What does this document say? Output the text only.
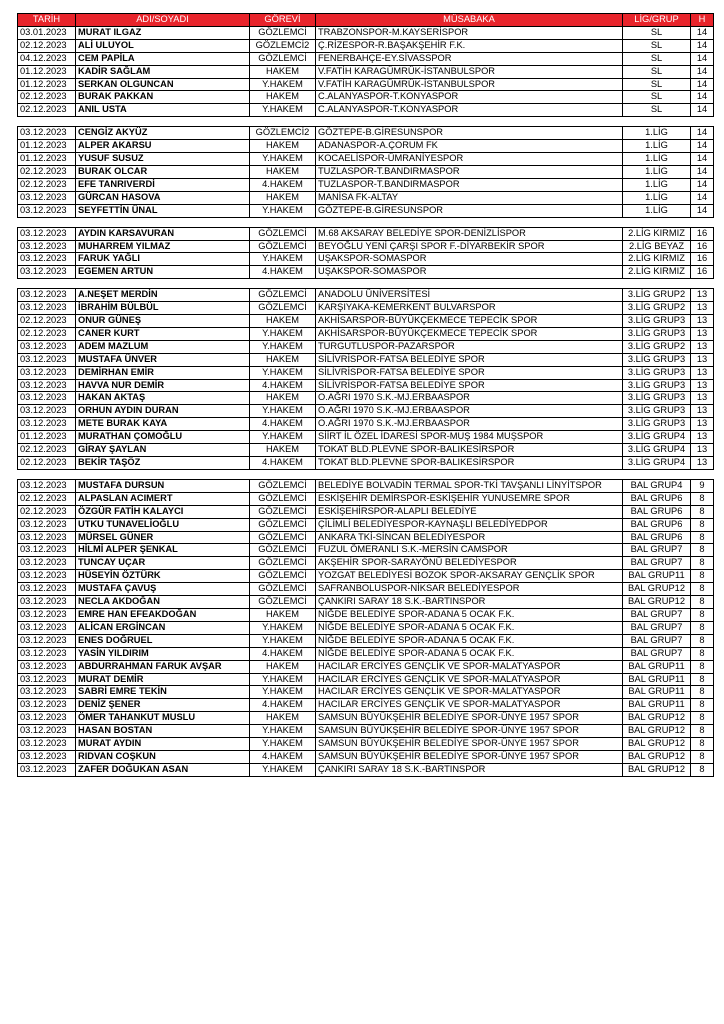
TARİH	ADI/SOYADI	GÖREVİ	MÜSABAKA	LİG/GRUP	H
03.01.2023	MURAT ILGAZ	GÖZLEMCİ	TRABZONSPOR-M.KAYSERİSPOR	SL	14
02.12.2023	ALİ ULUYOL	GÖZLEMCİ2	Ç.RİZESPOR-R.BAŞAKŞEHİR F.K.	SL	14
04.12.2023	CEM PAPİLA	GÖZLEMCİ	FENERBAHÇE-EY.SİVASSPOR	SL	14
01.12.2023	KADİR SAĞLAM	HAKEM	V.FATİH KARAGÜMRÜK-İSTANBULSPOR	SL	14
01.12.2023	SERKAN OLGUNCAN	Y.HAKEM	V.FATİH KARAGÜMRÜK-İSTANBULSPOR	SL	14
02.12.2023	BURAK PAKKAN	HAKEM	C.ALANYASPOR-T.KONYASPOR	SL	14
02.12.2023	ANIL USTA	Y.HAKEM	C.ALANYASPOR-T.KONYASPOR	SL	14

03.12.2023	CENGİZ AKYÜZ	GÖZLEMCİ2	GÖZTEPE-B.GİRESUNSPOR	1.LİG	14
01.12.2023	ALPER AKARSU	HAKEM	ADANASPOR-A.ÇORUM FK	1.LİG	14
01.12.2023	YUSUF SUSUZ	Y.HAKEM	KOCAELİSPOR-ÜMRANİYESPOR	1.LİG	14
02.12.2023	BURAK OLCAR	HAKEM	TUZLASPOR-T.BANDIRMASPOR	1.LİG	14
02.12.2023	EFE TANRIVERDİ	4.HAKEM	TUZLASPOR-T.BANDIRMASPOR	1.LİG	14
03.12.2023	GÜRCAN HASOVA	HAKEM	MANİSA FK-ALTAY	1.LİG	14
03.12.2023	SEYFETTİN ÜNAL	Y.HAKEM	GÖZTEPE-B.GİRESUNSPOR	1.LİG	14

03.12.2023	AYDIN KARSAVURAN	GÖZLEMCİ	M.68 AKSARAY BELEDİYE SPOR-DENİZLİSPOR	2.LİG KIRMIZ	16
03.12.2023	MUHARREM YILMAZ	GÖZLEMCİ	BEYOĞLU YENİ ÇARŞI SPOR F.-DİYARBEKİR SPOR	2.LİG BEYAZ	16
03.12.2023	FARUK YAĞLI	Y.HAKEM	UŞAKSPOR-SOMASPOR	2.LİG KIRMIZ	16
03.12.2023	EGEMEN ARTUN	4.HAKEM	UŞAKSPOR-SOMASPOR	2.LİG KIRMIZ	16

03.12.2023	A.NEŞET MERDİN	GÖZLEMCİ	ANADOLU ÜNİVERSİTESİ	3.LİG GRUP2	13
03.12.2023	İBRAHİM BÜLBÜL	GÖZLEMCİ	KARŞIYAKA-KEMERKENT BULVARSPOR	3.LİG GRUP2	13
02.12.2023	ONUR GÜNEŞ	HAKEM	AKHİSARSPOR-BÜYÜKÇEKMECE TEPECİK SPOR	3.LİG GRUP3	13
02.12.2023	CANER KURT	Y.HAKEM	AKHİSARSPOR-BÜYÜKÇEKMECE TEPECİK SPOR	3.LİG GRUP3	13
03.12.2023	ADEM MAZLUM	Y.HAKEM	TURGUTLUSPOR-PAZARSPOR	3.LİG GRUP2	13
03.12.2023	MUSTAFA ÜNVER	HAKEM	SİLİVRİSPOR-FATSA BELEDİYE SPOR	3.LİG GRUP3	13
03.12.2023	DEMİRHAN EMİR	Y.HAKEM	SİLİVRİSPOR-FATSA BELEDİYE SPOR	3.LİG GRUP3	13
03.12.2023	HAVVA NUR DEMİR	4.HAKEM	SİLİVRİSPOR-FATSA BELEDİYE SPOR	3.LİG GRUP3	13
03.12.2023	HAKAN AKTAŞ	HAKEM	O.AĞRI 1970 S.K.-MJ.ERBAASPOR	3.LİG GRUP3	13
03.12.2023	ORHUN AYDIN DURAN	Y.HAKEM	O.AĞRI 1970 S.K.-MJ.ERBAASPOR	3.LİG GRUP3	13
03.12.2023	METE BURAK KAYA	4.HAKEM	O.AĞRI 1970 S.K.-MJ.ERBAASPOR	3.LİG GRUP3	13
01.12.2023	MURATHAN ÇOMOĞLU	Y.HAKEM	SİİRT İL ÖZEL İDARESİ SPOR-MUŞ 1984 MUŞSPOR	3.LİG GRUP4	13
02.12.2023	GİRAY ŞAYLAN	HAKEM	TOKAT BLD.PLEVNE SPOR-BALIKESİRSPOR	3.LİG GRUP4	13
02.12.2023	BEKİR TAŞÖZ	4.HAKEM	TOKAT BLD.PLEVNE SPOR-BALIKESİRSPOR	3.LİG GRUP4	13

03.12.2023	MUSTAFA DURSUN	GÖZLEMCİ	BELEDİYE BOLVADİN TERMAL SPOR-TKİ TAVŞANLI LİNYİTSPOR	BAL GRUP4	9
02.12.2023	ALPASLAN ACIMERT	GÖZLEMCİ	ESKİŞEHİR DEMİRSPOR-ESKİŞEHİR YUNUSEMRE SPOR	BAL GRUP6	8
02.12.2023	ÖZGÜR FATİH KALAYCI	GÖZLEMCİ	ESKİŞEHİRSPOR-ALAPLI BELEDİYE	BAL GRUP6	8
03.12.2023	UTKU TUNAVELİOĞLU	GÖZLEMCİ	ÇİLİMLİ BELEDİYESPOR-KAYNAŞLI BELEDİYEDPOR	BAL GRUP6	8
03.12.2023	MÜRSEL GÜNER	GÖZLEMCİ	ANKARA TKİ-SİNCAN BELEDİYESPOR	BAL GRUP6	8
03.12.2023	HİLMİ ALPER ŞENKAL	GÖZLEMCİ	FUZUL ÖMERANLI S.K.-MERSİN CAMSPOR	BAL GRUP7	8
03.12.2023	TUNCAY UÇAR	GÖZLEMCİ	AKŞEHİR SPOR-SARAYÖNÜ BELEDİYESPOR	BAL GRUP7	8
03.12.2023	HÜSEYİN ÖZTÜRK	GÖZLEMCİ	YOZGAT BELEDİYESİ BOZOK SPOR-AKSARAY GENÇLİK SPOR	BAL GRUP11	8
03.12.2023	MUSTAFA ÇAVUŞ	GÖZLEMCİ	SAFRANBOLUSPOR-NİKSAR BELEDİYESPOR	BAL GRUP12	8
03.12.2023	NECLA AKDOĞAN	GÖZLEMCİ	ÇANKIRI SARAY 18 S.K.-BARTINSPOR	BAL GRUP12	8
03.12.2023	EMRE HAN EFEAKDOĞAN	HAKEM	NİĞDE BELEDİYE SPOR-ADANA 5 OCAK F.K.	BAL GRUP7	8
03.12.2023	ALİCAN ERGİNCAN	Y.HAKEM	NİĞDE BELEDİYE SPOR-ADANA 5 OCAK F.K.	BAL GRUP7	8
03.12.2023	ENES DOĞRUEL	Y.HAKEM	NİĞDE BELEDİYE SPOR-ADANA 5 OCAK F.K.	BAL GRUP7	8
03.12.2023	YASİN YILDIRIM	4.HAKEM	NİĞDE BELEDİYE SPOR-ADANA 5 OCAK F.K.	BAL GRUP7	8
03.12.2023	ABDURRAHMAN FARUK AVŞAR	HAKEM	HACILAR ERCİYES GENÇLİK VE SPOR-MALATYASPOR	BAL GRUP11	8
03.12.2023	MURAT DEMİR	Y.HAKEM	HACILAR ERCİYES GENÇLİK VE SPOR-MALATYASPOR	BAL GRUP11	8
03.12.2023	SABRİ EMRE TEKİN	Y.HAKEM	HACILAR ERCİYES GENÇLİK VE SPOR-MALATYASPOR	BAL GRUP11	8
03.12.2023	DENİZ ŞENER	4.HAKEM	HACILAR ERCİYES GENÇLİK VE SPOR-MALATYASPOR	BAL GRUP11	8
03.12.2023	ÖMER TAHANKUT MUSLU	HAKEM	SAMSUN BÜYÜKŞEHİR BELEDİYE SPOR-ÜNYE 1957 SPOR	BAL GRUP12	8
03.12.2023	HASAN BOSTAN	Y.HAKEM	SAMSUN BÜYÜKŞEHİR BELEDİYE SPOR-ÜNYE 1957 SPOR	BAL GRUP12	8
03.12.2023	MURAT AYDIN	Y.HAKEM	SAMSUN BÜYÜKŞEHİR BELEDİYE SPOR-ÜNYE 1957 SPOR	BAL GRUP12	8
03.12.2023	RIDVAN COŞKUN	4.HAKEM	SAMSUN BÜYÜKŞEHİR BELEDİYE SPOR-ÜNYE 1957 SPOR	BAL GRUP12	8
03.12.2023	ZAFER DOĞUKAN ASAN	Y.HAKEM	ÇANKIRI SARAY 18 S.K.-BARTINSPOR	BAL GRUP12	8
